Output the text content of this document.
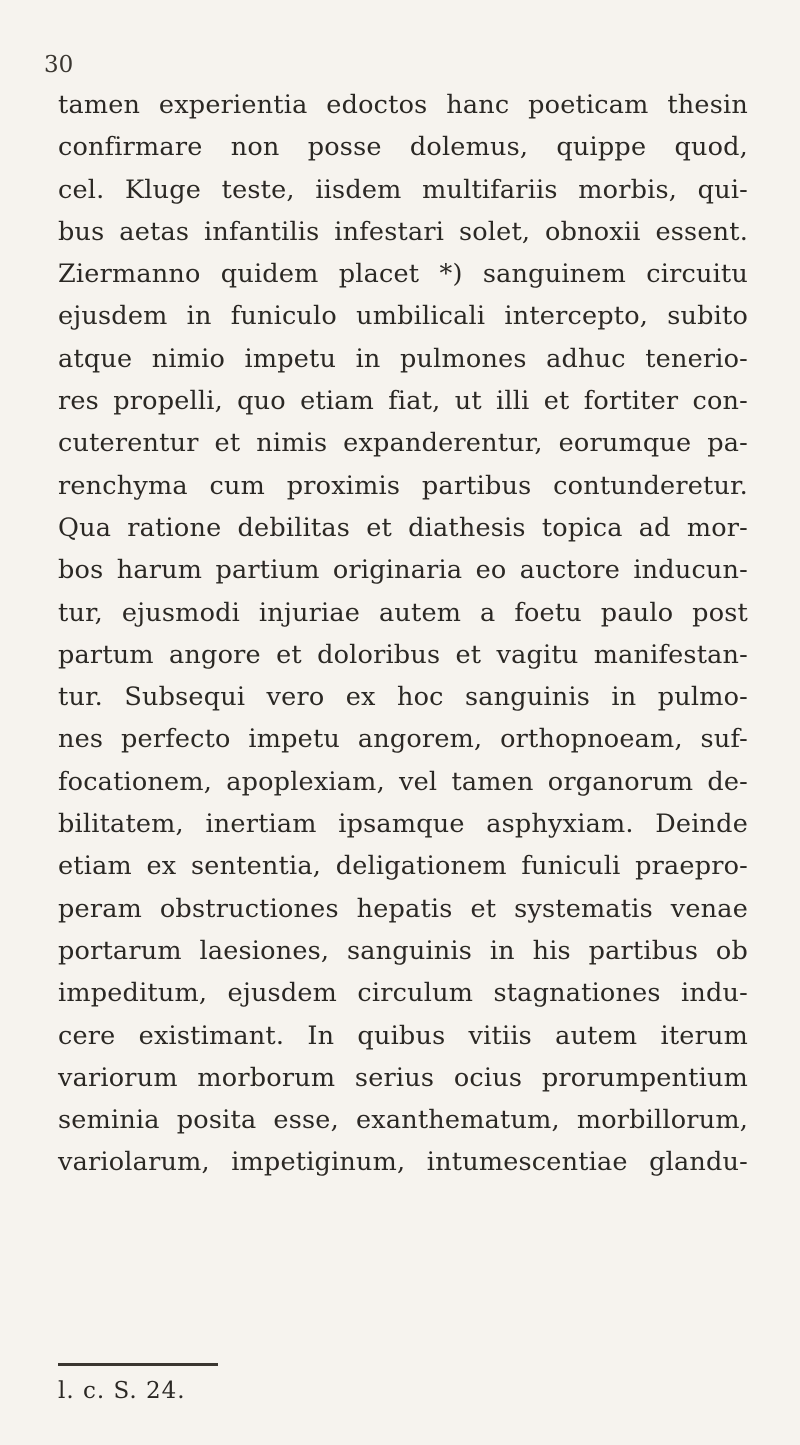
30
tamen experientia edoctos hanc poeticam thesin
confirmare non posse dolemus, quippe quod,
cel. Kluge teste, iisdem multifariis morbis, qui-
bus aetas infantilis infestari solet, obnoxii essent.
Ziermanno quidem placet *) sanguinem circuitu
ejusdem in funiculo umbilicali intercepto, subito
atque nimio impetu in pulmones adhuc tenerio-
res propelli, quo etiam fiat, ut illi et fortiter con-
cuterentur et nimis expanderentur, eorumque pa-
renchyma cum proximis partibus contunderetur.
Qua ratione debilitas et diathesis topica ad mor-
bos harum partium originaria eo auctore inducun-
tur, ejusmodi injuriae autem a foetu paulo post
partum angore et doloribus et vagitu manifestan-
tur. Subsequi vero ex hoc sanguinis in pulmo-
nes perfecto impetu angorem, orthopnoeam, suf-
focationem, apoplexiam, vel tamen organorum de-
bilitatem, inertiam ipsamque asphyxiam. Deinde
etiam ex sententia, deligationem funiculi praepro-
peram obstructiones hepatis et systematis venae
portarum laesiones, sanguinis in his partibus ob
impeditum, ejusdem circulum stagnationes indu-
cere existimant. In quibus vitiis autem iterum
variorum morborum serius ocius prorumpentium
seminia posita esse, exanthematum, morbillorum,
variolarum, impetiginum, intumescentiae glandu-
l. c. S. 24.
